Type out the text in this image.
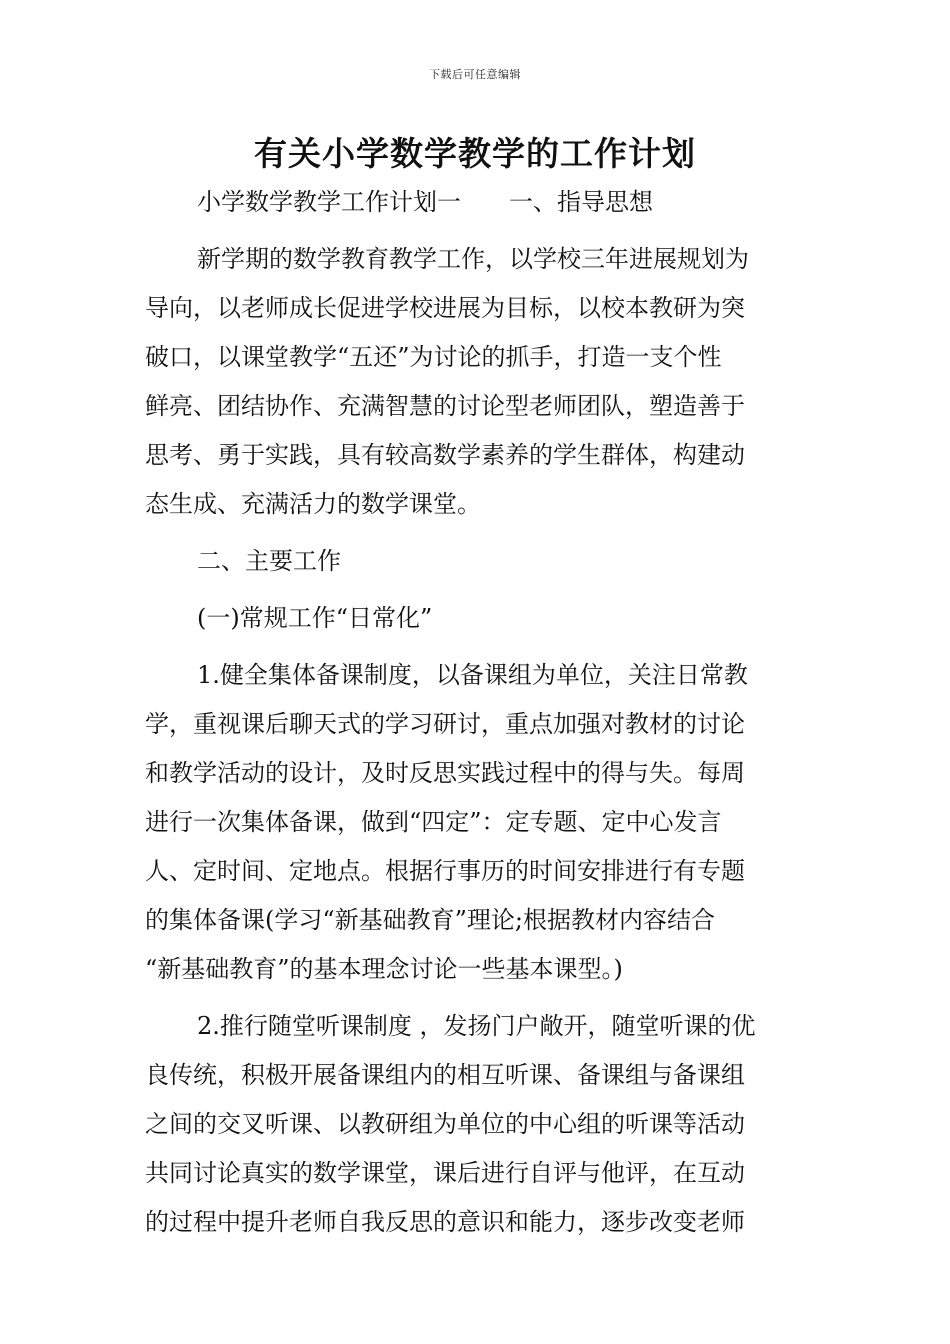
下载后可任意编辑
有关小学数学教学的工作计划
小学数学教学工作计划一 一、指导思想
新学期的数学教育教学工作，以学校三年进展规划为
导向，以老师成长促进学校进展为目标，以校本教研为突
破口，以课堂教学“五还”为讨论的抓手，打造一支个性
鲜亮、团结协作、充满智慧的讨论型老师团队，塑造善于
思考、勇于实践，具有较高数学素养的学生群体，构建动
态生成、充满活力的数学课堂。
二、主要工作
(一)常规工作“日常化”
1.健全集体备课制度，以备课组为单位，关注日常教
学，重视课后聊天式的学习研讨，重点加强对教材的讨论
和教学活动的设计，及时反思实践过程中的得与失。每周
进行一次集体备课，做到“四定”：定专题、定中心发言
人、定时间、定地点。根据行事历的时间安排进行有专题
的集体备课(学习“新基础教育”理论;根据教材内容结合
“新基础教育”的基本理念讨论一些基本课型。)
2.推行随堂听课制度 ，发扬门户敞开，随堂听课的优
良传统，积极开展备课组内的相互听课、备课组与备课组
之间的交叉听课、以教研组为单位的中心组的听课等活动
共同讨论真实的数学课堂，课后进行自评与他评，在互动
的过程中提升老师自我反思的意识和能力，逐步改变老师
